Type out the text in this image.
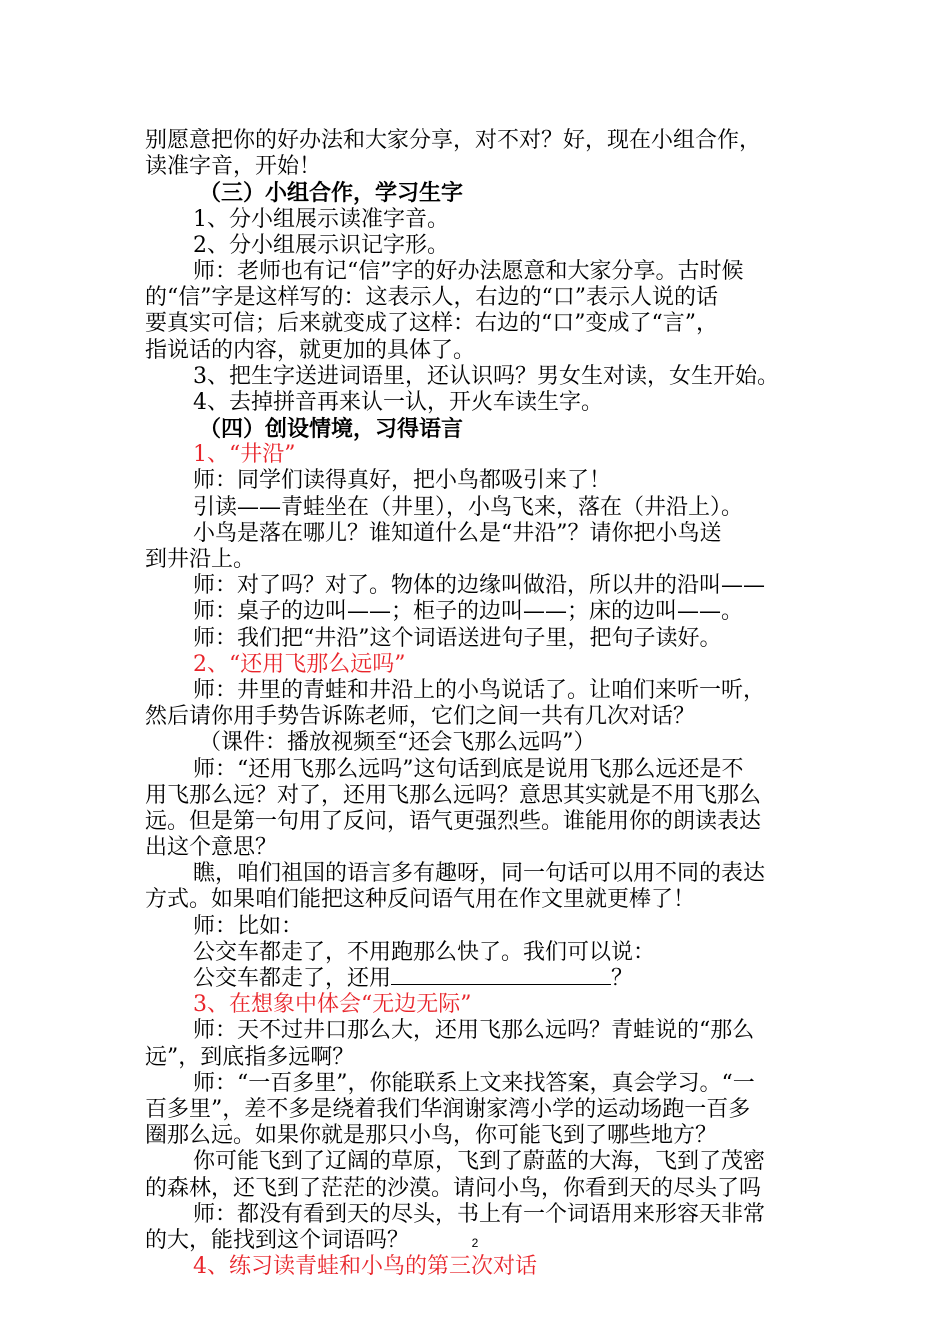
别愿意把你的好办法和大家分享，对不对？好，现在小组合作，
读准字音，开始！
（三）小组合作，学习生字
1、分小组展示读准字音。
2、分小组展示识记字形。
师：老师也有记“信”字的好办法愿意和大家分享。古时候
的“信”字是这样写的：这表示人，右边的“口”表示人说的话
要真实可信；后来就变成了这样：右边的“口”变成了“言”，
指说话的内容，就更加的具体了。
3、把生字送进词语里，还认识吗？男女生对读，女生开始。
4、去掉拼音再来认一认，开火车读生字。
（四）创设情境，习得语言
1、“井沿”
师：同学们读得真好，把小鸟都吸引来了！
引读——青蛙坐在（井里），小鸟飞来，落在（井沿上）。
小鸟是落在哪儿？谁知道什么是“井沿”？请你把小鸟送
到井沿上。
师：对了吗？对了。物体的边缘叫做沿，所以井的沿叫——
师：桌子的边叫——；柜子的边叫——；床的边叫——。
师：我们把“井沿”这个词语送进句子里，把句子读好。
2、“还用飞那么远吗”
师：井里的青蛙和井沿上的小鸟说话了。让咱们来听一听，
然后请你用手势告诉陈老师，它们之间一共有几次对话？
（课件：播放视频至“还会飞那么远吗”）
师：“还用飞那么远吗”这句话到底是说用飞那么远还是不
用飞那么远？对了，还用飞那么远吗？意思其实就是不用飞那么
远。但是第一句用了反问，语气更强烈些。谁能用你的朗读表达
出这个意思？
瞧，咱们祖国的语言多有趣呀，同一句话可以用不同的表达
方式。如果咱们能把这种反问语气用在作文里就更棒了！
师：比如：
公交车都走了，不用跑那么快了。我们可以说：
公交车都走了，还用	？
3、在想象中体会“无边无际”
师：天不过井口那么大，还用飞那么远吗？青蛙说的“那么
远”，到底指多远啊？
师：“一百多里”，你能联系上文来找答案，真会学习。“一
百多里”，差不多是绕着我们华润谢家湾小学的运动场跑一百多
圈那么远。如果你就是那只小鸟，你可能飞到了哪些地方？
你可能飞到了辽阔的草原，飞到了蔚蓝的大海，飞到了茂密
的森林，还飞到了茫茫的沙漠。请问小鸟，你看到天的尽头了吗
师：都没有看到天的尽头，书上有一个词语用来形容天非常
的大，能找到这个词语吗？
4、练习读青蛙和小鸟的第三次对话
2
